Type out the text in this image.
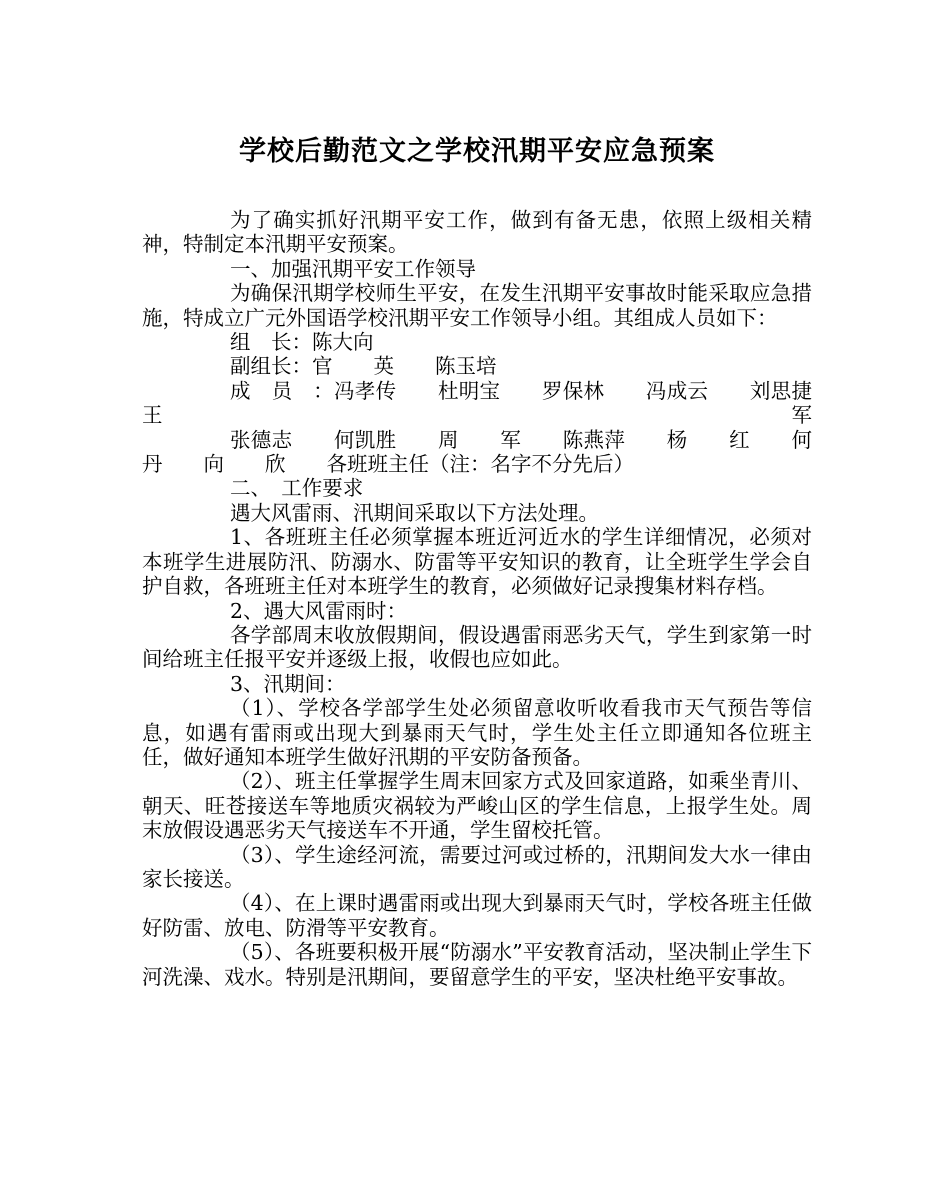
学校后勤范文之学校汛期平安应急预案

为了确实抓好汛期平安工作，做到有备无患，依照上级相关精神，特制定本汛期平安预案。

一、加强汛期平安工作领导

为确保汛期学校师生平安，在发生汛期平安事故时能采取应急措施，特成立广元外国语学校汛期平安工作领导小组。其组成人员如下：

组　长：陈大向

副组长：官　　英　　陈玉培

成　员　：冯孝传　　杜明宝　　罗保林　　冯成云　　刘思捷　　王　　军

张德志　　何凯胜　　周　　军　　陈燕萍　　杨　　红　　何　　丹　　向　　欣　　各班班主任（注：名字不分先后）

二、　工作要求

遇大风雷雨、汛期间采取以下方法处理。

1、各班班主任必须掌握本班近河近水的学生详细情况，必须对本班学生进展防汛、防溺水、防雷等平安知识的教育，让全班学生学会自护自救，各班班主任对本班学生的教育，必须做好记录搜集材料存档。

2、遇大风雷雨时：

各学部周末收放假期间，假设遇雷雨恶劣天气，学生到家第一时间给班主任报平安并逐级上报，收假也应如此。

3、汛期间：

（1）、学校各学部学生处必须留意收听收看我市天气预告等信息，如遇有雷雨或出现大到暴雨天气时，学生处主任立即通知各位班主任，做好通知本班学生做好汛期的平安防备预备。

（2）、班主任掌握学生周末回家方式及回家道路，如乘坐青川、朝天、旺苍接送车等地质灾祸较为严峻山区的学生信息，上报学生处。周末放假设遇恶劣天气接送车不开通，学生留校托管。

（3）、学生途经河流，需要过河或过桥的，汛期间发大水一律由家长接送。

（4）、在上课时遇雷雨或出现大到暴雨天气时，学校各班主任做好防雷、放电、防滑等平安教育。

（5）、各班要积极开展“防溺水”平安教育活动，坚决制止学生下河洗澡、戏水。特别是汛期间，要留意学生的平安，坚决杜绝平安事故。
